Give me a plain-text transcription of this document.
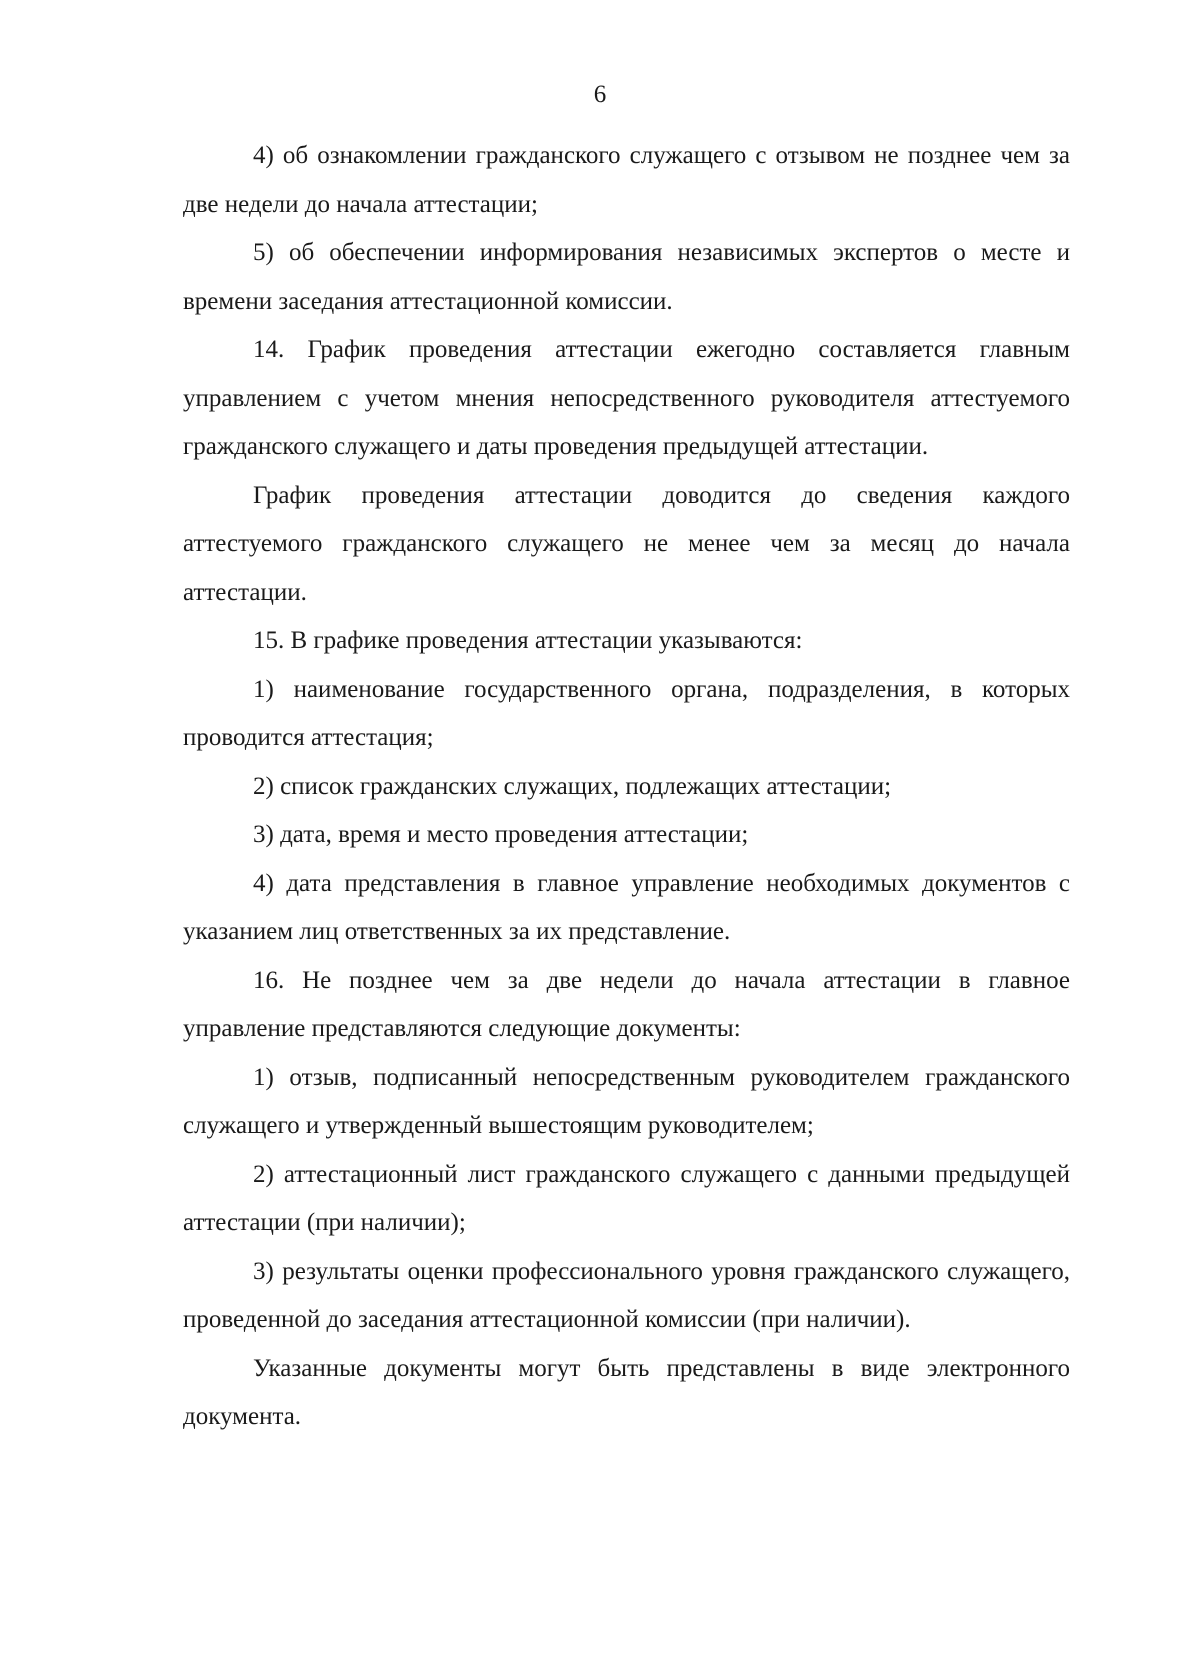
6

4) об ознакомлении гражданского служащего с отзывом не позднее чем за две недели до начала аттестации;

5) об обеспечении информирования независимых экспертов о месте и времени заседания аттестационной комиссии.

14. График проведения аттестации ежегодно составляется главным управлением с учетом мнения непосредственного руководителя аттестуемого гражданского служащего и даты проведения предыдущей аттестации.

График проведения аттестации доводится до сведения каждого аттестуемого гражданского служащего не менее чем за месяц до начала аттестации.

15. В графике проведения аттестации указываются:

1) наименование государственного органа, подразделения, в которых проводится аттестация;

2) список гражданских служащих, подлежащих аттестации;

3) дата, время и место проведения аттестации;

4) дата представления в главное управление необходимых документов с указанием лиц ответственных за их представление.

16. Не позднее чем за две недели до начала аттестации в главное управление представляются следующие документы:

1) отзыв, подписанный непосредственным руководителем гражданского служащего и утвержденный вышестоящим руководителем;

2) аттестационный лист гражданского служащего с данными предыдущей аттестации (при наличии);

3) результаты оценки профессионального уровня гражданского служащего, проведенной до заседания аттестационной комиссии (при наличии).

Указанные документы могут быть представлены в виде электронного документа.
